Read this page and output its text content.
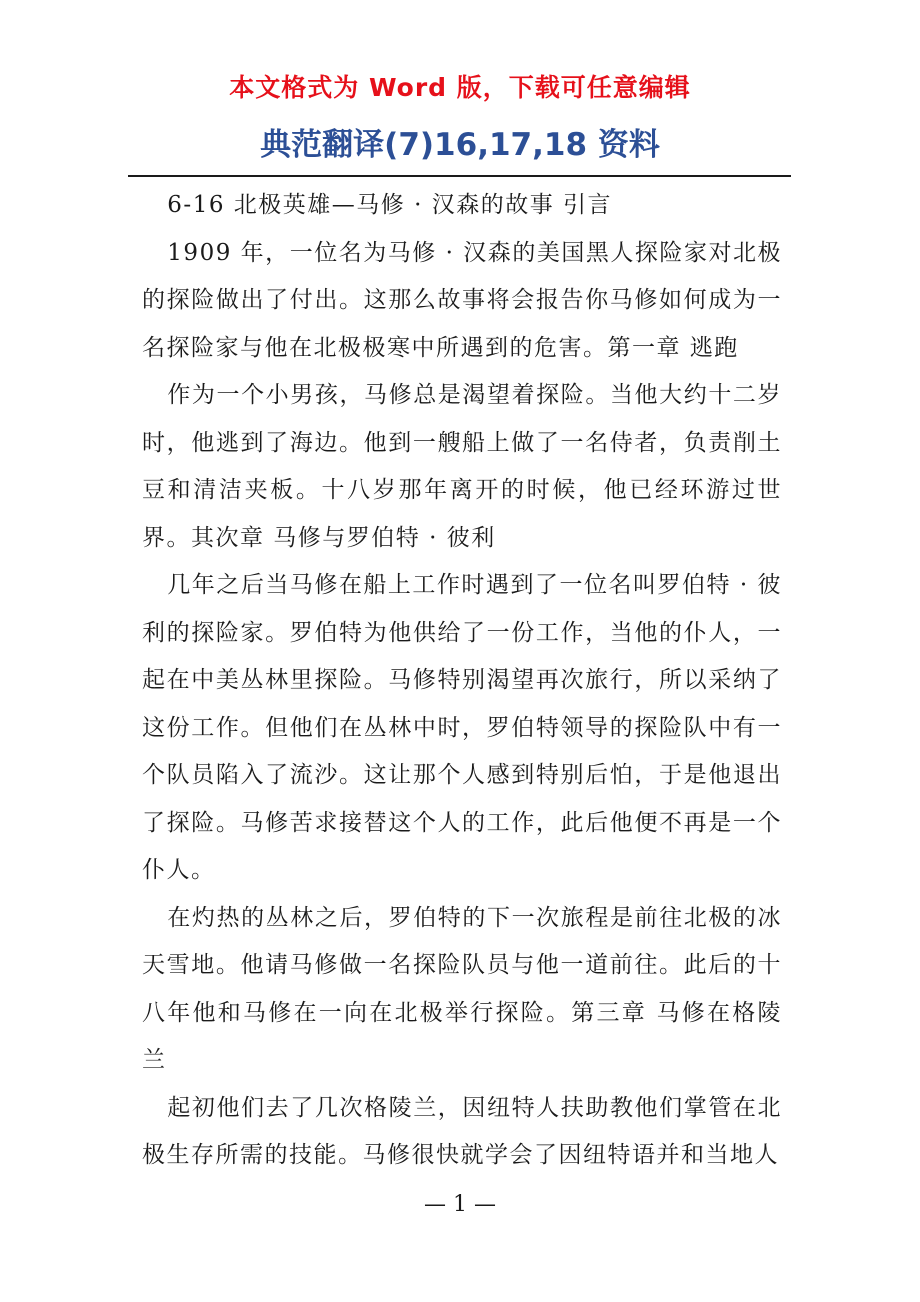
本文格式为 Word 版，下载可任意编辑
典范翻译(7)16,17,18 资料

6-16 北极英雄—马修 · 汉森的故事 引言

1909 年，一位名为马修 · 汉森的美国黑人探险家对北极的探险做出了付出。这那么故事将会报告你马修如何成为一名探险家与他在北极极寒中所遇到的危害。第一章 逃跑

作为一个小男孩，马修总是渴望着探险。当他大约十二岁时，他逃到了海边。他到一艘船上做了一名侍者，负责削土豆和清洁夹板。十八岁那年离开的时候，他已经环游过世界。其次章 马修与罗伯特 · 彼利

几年之后当马修在船上工作时遇到了一位名叫罗伯特 · 彼利的探险家。罗伯特为他供给了一份工作，当他的仆人，一起在中美丛林里探险。马修特别渴望再次旅行，所以采纳了这份工作。但他们在丛林中时，罗伯特领导的探险队中有一个队员陷入了流沙。这让那个人感到特别后怕，于是他退出了探险。马修苦求接替这个人的工作，此后他便不再是一个仆人。

在灼热的丛林之后，罗伯特的下一次旅程是前往北极的冰天雪地。他请马修做一名探险队员与他一道前往。此后的十八年他和马修在一向在北极举行探险。第三章 马修在格陵兰

起初他们去了几次格陵兰，因纽特人扶助教他们掌管在北极生存所需的技能。马修很快就学会了因纽特语并和当地人

— 1 —
